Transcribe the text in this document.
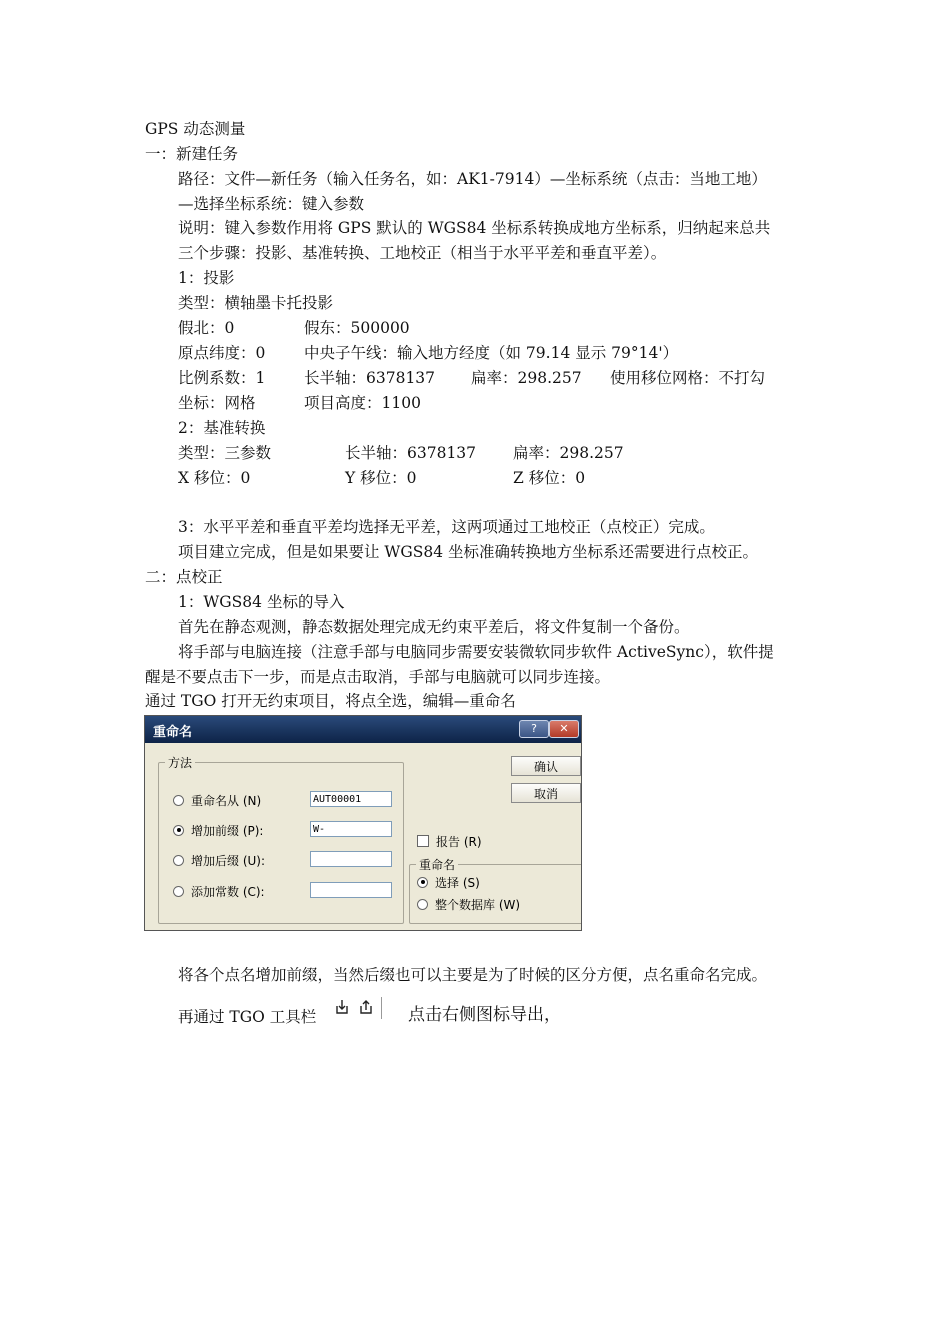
GPS 动态测量
一：新建任务
路径：文件—新任务（输入任务名，如：AK1-7914）—坐标系统（点击：当地工地）
—选择坐标系统：键入参数
说明：键入参数作用将 GPS 默认的 WGS84 坐标系转换成地方坐标系，归纳起来总共
三个步骤：投影、基准转换、工地校正（相当于水平平差和垂直平差）。
1：投影
类型：横轴墨卡托投影
假北：0	假东：500000
原点纬度：0 中央子午线：输入地方经度（如 79.14 显示 79°14'）
比例系数：1 长半轴：6378137 扁率：298.257 使用移位网格：不打勾
坐标：网格	项目高度：1100
2：基准转换
类型：三参数	长半轴：6378137 扁率：298.257
X 移位：0	Y 移位：0	Z 移位：0
3：水平平差和垂直平差均选择无平差，这两项通过工地校正（点校正）完成。
项目建立完成，但是如果要让 WGS84 坐标准确转换地方坐标系还需要进行点校正。
二：点校正
1：WGS84 坐标的导入
首先在静态观测，静态数据处理完成无约束平差后，将文件复制一个备份。
将手部与电脑连接（注意手部与电脑同步需要安装微软同步软件 ActiveSync），软件提
醒是不要点击下一步，而是点击取消，手部与电脑就可以同步连接。
通过 TGO 打开无约束项目，将点全选，编辑—重命名
重命名	?	✕
方法
重命名从 (N)	AUT00001
增加前缀 (P):	W-
增加后缀 (U):
添加常数 (C):
确认
取消
报告 (R)
重命名
选择 (S)
整个数据库 (W)
将各个点名增加前缀，当然后缀也可以主要是为了时候的区分方便，点名重命名完成。
再通过 TGO 工具栏	点击右侧图标导出，
